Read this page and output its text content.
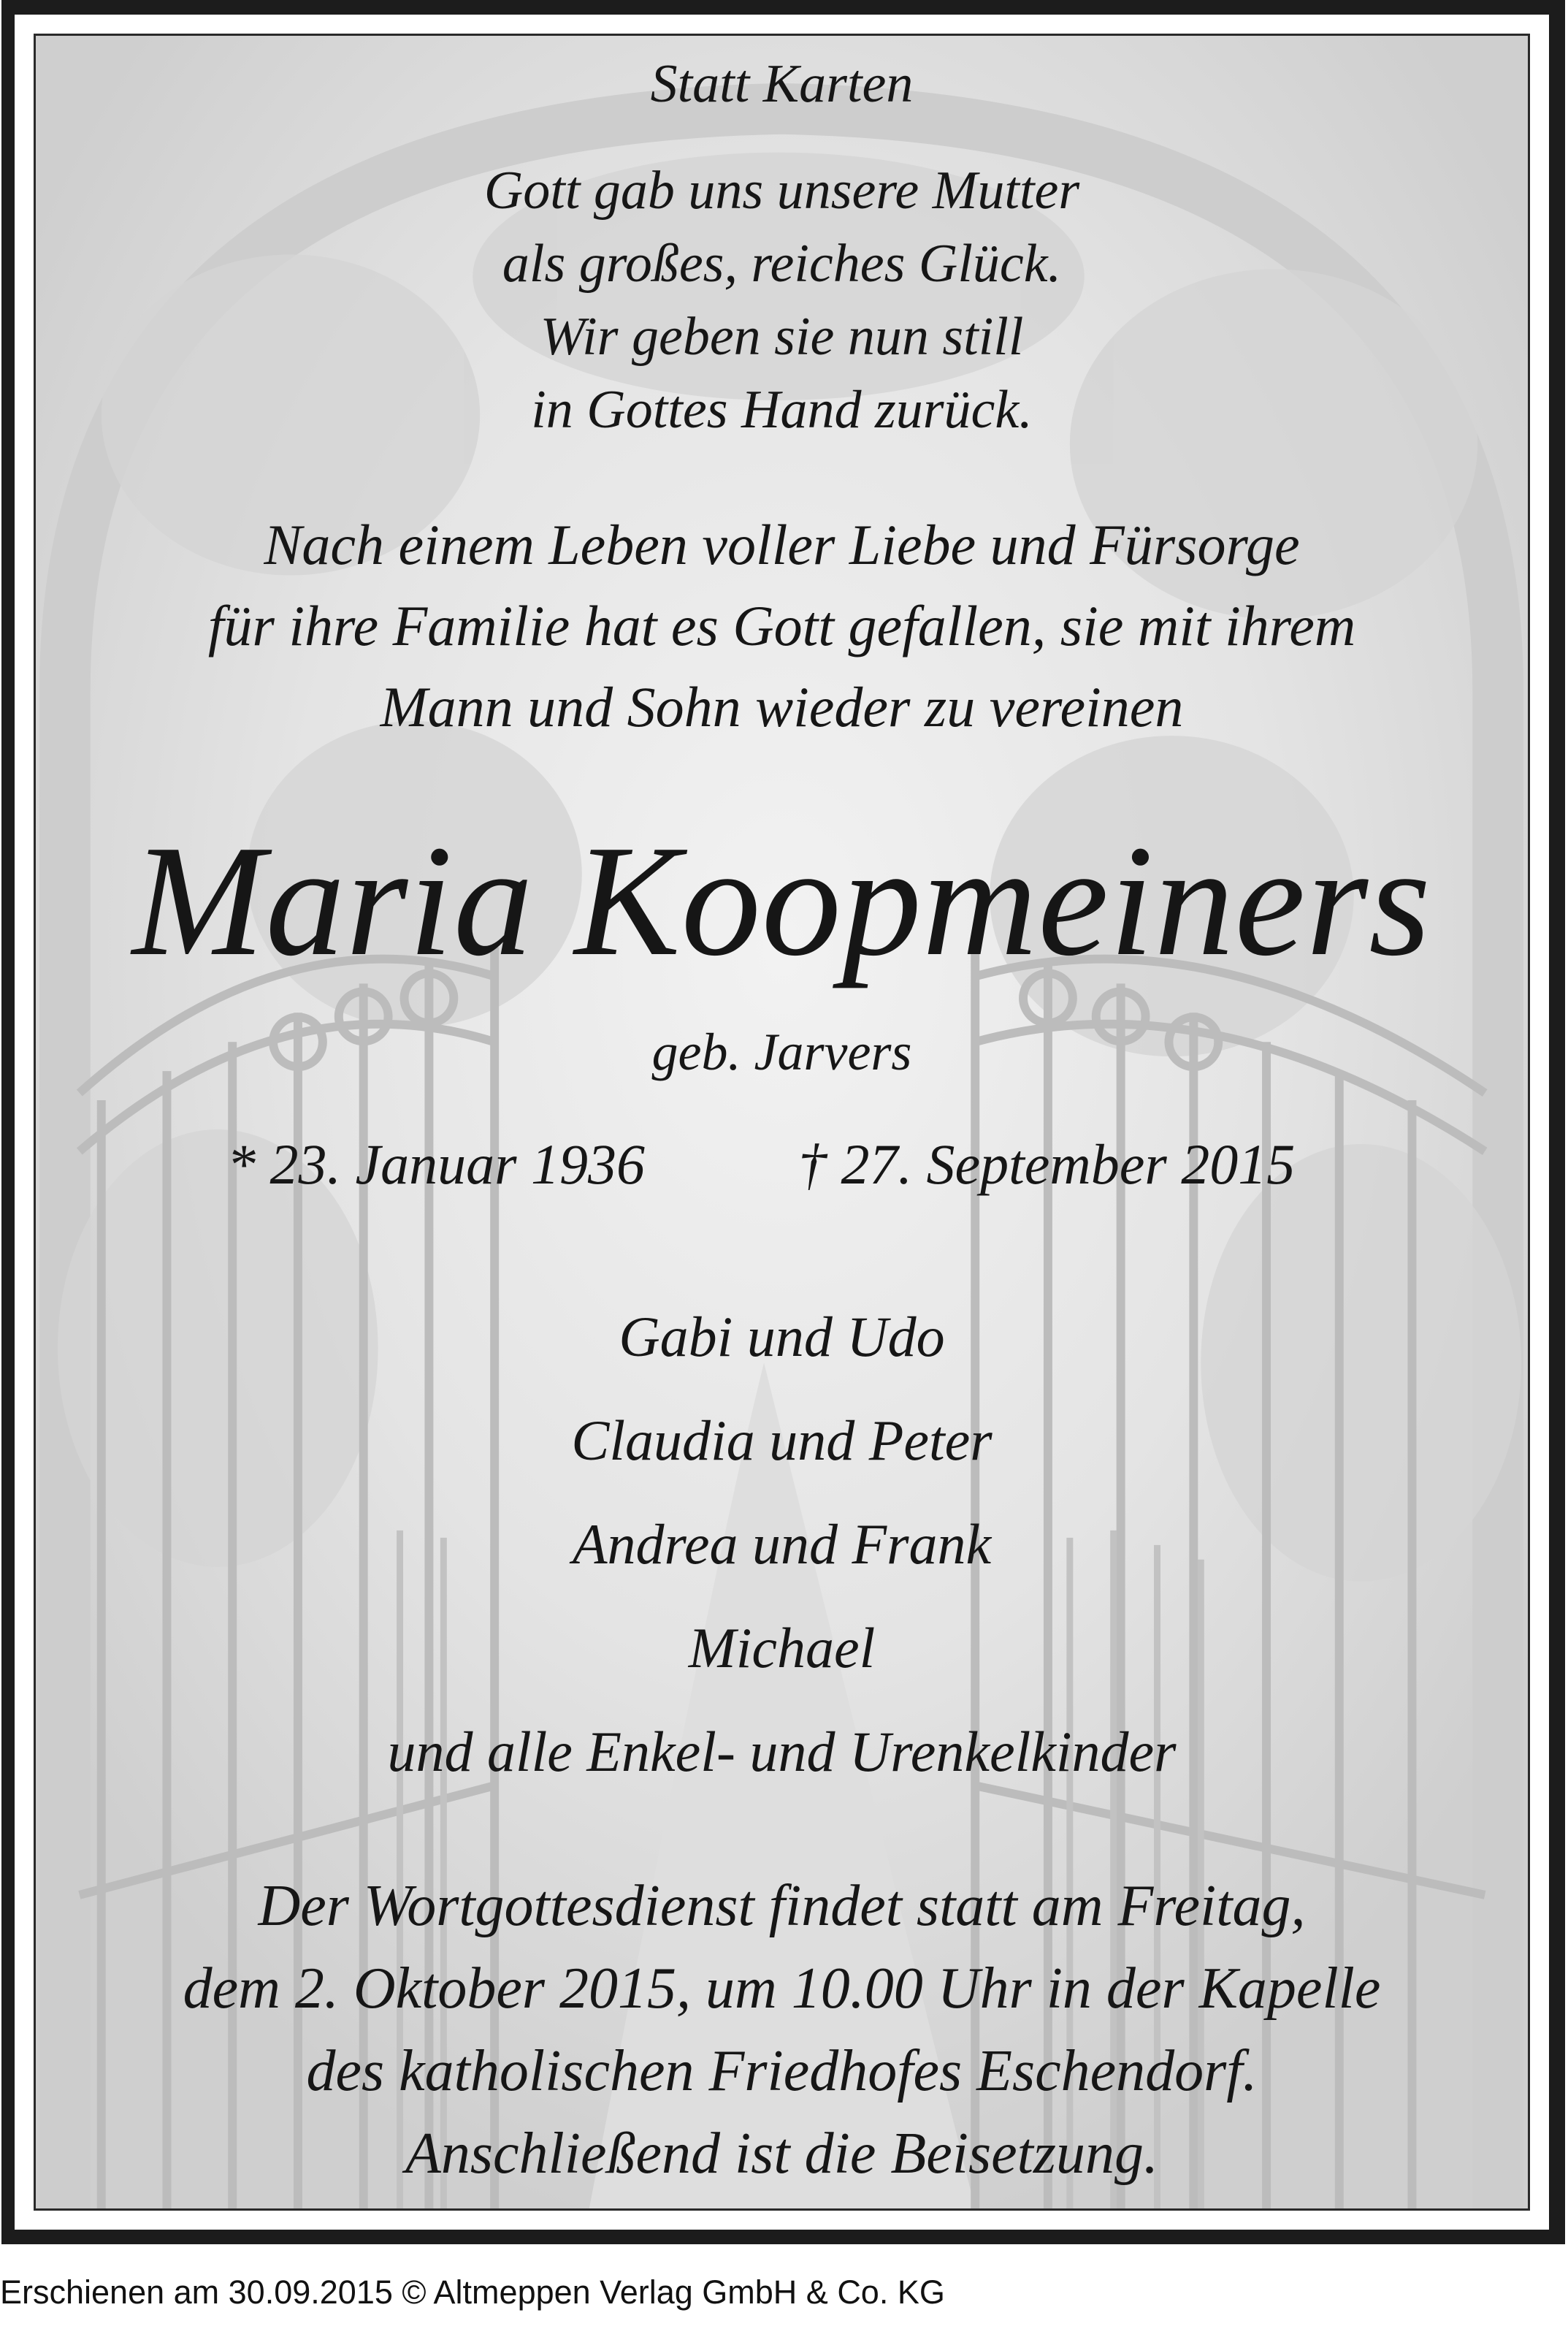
Statt Karten
Gott gab uns unsere Mutter
als großes, reiches Glück.
Wir geben sie nun still
in Gottes Hand zurück.
Nach einem Leben voller Liebe und Fürsorge
für ihre Familie hat es Gott gefallen, sie mit ihrem
Mann und Sohn wieder zu vereinen
Maria Koopmeiners
geb. Jarvers
* 23. Januar 1936	† 27. September 2015
Gabi und Udo
Claudia und Peter
Andrea und Frank
Michael
und alle Enkel- und Urenkelkinder
Der Wortgottesdienst findet statt am Freitag,
dem 2. Oktober 2015, um 10.00 Uhr in der Kapelle
des katholischen Friedhofes Eschendorf.
Anschließend ist die Beisetzung.
Erschienen am 30.09.2015 © Altmeppen Verlag GmbH & Co. KG
